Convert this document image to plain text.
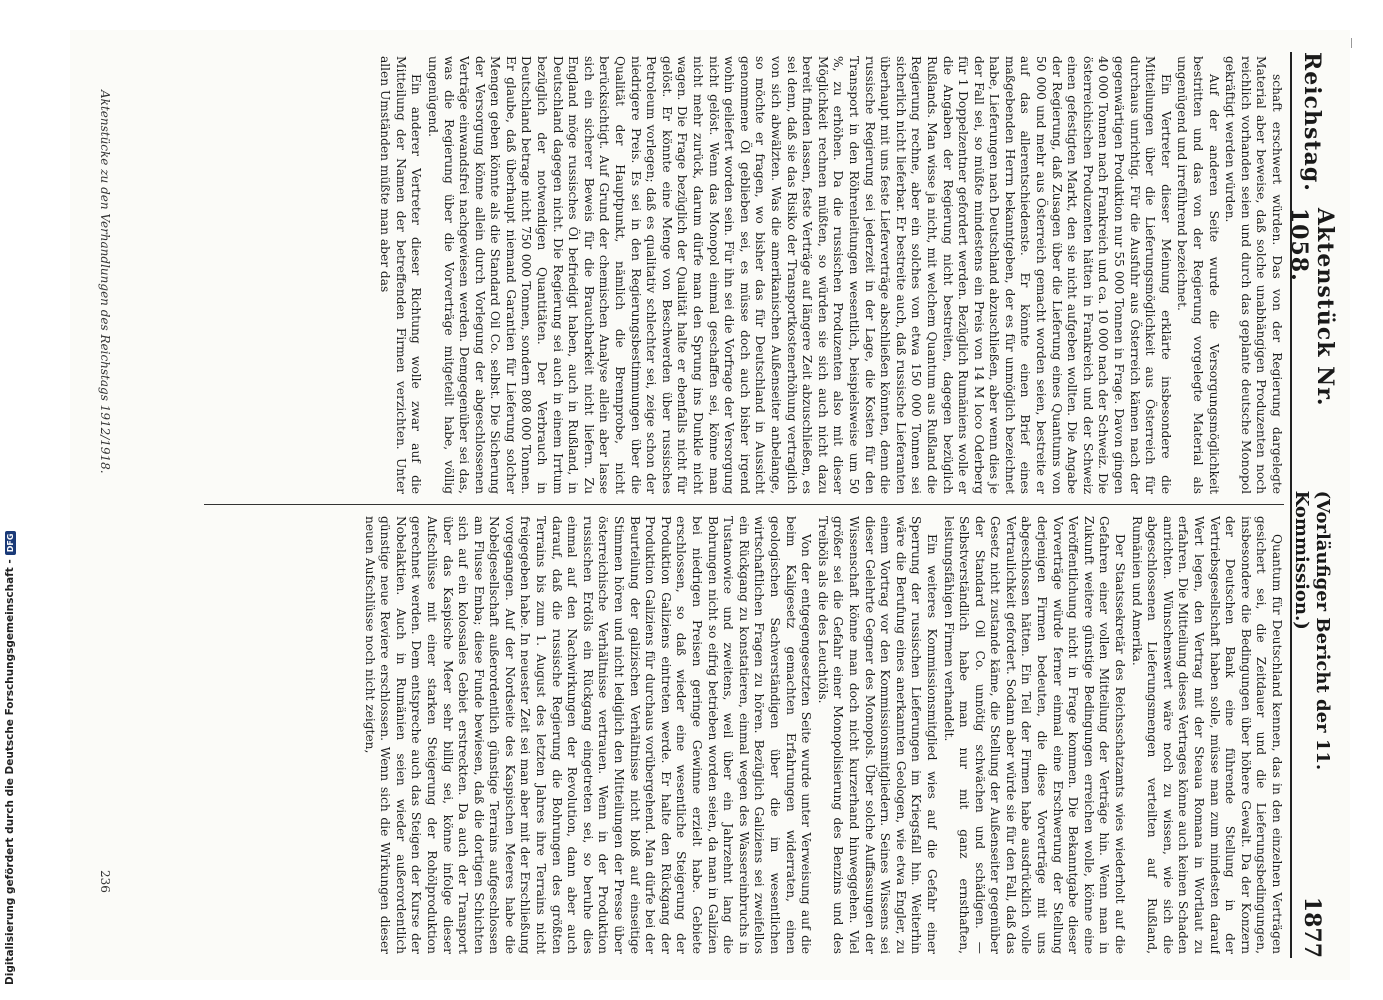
Reichstag.
Aktenstück Nr. 1058.
(Vorläufiger Bericht der 11. Kommission.)
1877

schaft erschwert würden. Das von der Regierung dargelegte Material aber beweise, daß solche unabhängigen Produzenten noch reichlich vorhanden seien und durch das geplante deutsche Monopol gekräftigt werden würden.

Auf der anderen Seite wurde die Versorgungsmöglichkeit bestritten und das von der Regierung vorgelegte Material als ungenügend und irreführend bezeichnet.

Ein Vertreter dieser Meinung erklärte insbesondere die Mitteilungen über die Lieferungsmöglichkeit aus Österreich für durchaus unrichtig. Für die Ausfuhr aus Österreich kämen nach der gegenwärtigen Produktion nur 55 000 Tonnen in Frage. Davon gingen 40 000 Tonnen nach Frankreich und ca. 10 000 nach der Schweiz. Die österreichischen Produzenten hätten in Frankreich und der Schweiz einen gefestigten Markt, den sie nicht aufgeben wollten. Die Angabe der Regierung, daß Zusagen über die Lieferung eines Quantums von 50 000 und mehr aus Österreich gemacht worden seien, bestreite er auf das allerentschiedenste. Er könnte einen Brief eines maßgebenden Herrn bekanntgeben, der es für unmöglich bezeichnet habe, Lieferungen nach Deutschland abzuschließen, aber wenn dies je der Fall sei, so müßte mindestens ein Preis von 14 M loco Oderberg für 1 Doppelzentner gefordert werden. Bezüglich Rumäniens wolle er die Angaben der Regierung nicht bestreiten, dagegen bezüglich Rußlands. Man wisse ja nicht, mit welchem Quantum aus Rußland die Regierung rechne, aber ein solches von etwa 150 000 Tonnen sei sicherlich nicht lieferbar. Er bestreite auch, daß russische Lieferanten überhaupt mit uns feste Lieferverträge abschließen könnten, denn die russische Regierung sei jederzeit in der Lage, die Kosten für den Transport in den Röhrenleitungen wesentlich, beispielsweise um 50 %, zu erhöhen. Da die russischen Produzenten also mit dieser Möglichkeit rechnen müßten, so würden sie sich auch nicht dazu bereit finden lassen, feste Verträge auf längere Zeit abzuschließen, es sei denn, daß sie das Risiko der Transportkostenerhöhung vertraglich von sich abwälzten. Was die amerikanischen Außenseiter anbelange, so möchte er fragen, wo bisher das für Deutschland in Aussicht genommene Öl geblieben sei, es müsse doch auch bisher irgend wohin geliefert worden sein. Für ihn sei die Vorfrage der Versorgung nicht gelöst. Wenn das Monopol einmal geschaffen sei, könne man nicht mehr zurück, darum dürfe man den Sprung ins Dunkle nicht wagen. Die Frage bezüglich der Qualität halte er ebenfalls nicht für gelöst. Er könnte eine Menge von Beschwerden über russisches Petroleum vorlegen; daß es qualitativ schlechter sei, zeige schon der niedrigere Preis. Es sei in den Regierungsbestimmungen über die Qualität der Hauptpunkt, nämlich die Brennprobe, nicht berücksichtigt. Auf Grund der chemischen Analyse allein aber lasse sich ein sicherer Beweis für die Brauchbarkeit nicht liefern. Zu England möge russisches Öl befriedigt haben, auch in Rußland, in Deutschland dagegen nicht. Die Regierung sei auch in einem Irrtum bezüglich der notwendigen Quantitäten. Der Verbrauch in Deutschland betrage nicht 750 000 Tonnen, sondern 808 000 Tonnen. Er glaube, daß überhaupt niemand Garantien für Lieferung solcher Mengen geben könnte als die Standard Oil Co. selbst. Die Sicherung der Versorgung könne allein durch Vorlegung der abgeschlossenen Verträge einwandsfrei nachgewiesen werden. Demgegenüber sei das, was die Regierung über die Vorverträge mitgeteilt habe, völlig ungenügend.

Ein anderer Vertreter dieser Richtung wolle zwar auf die Mitteilung der Namen der betreffenden Firmen verzichten. Unter allen Umständen müßte man aber das

Quantum für Deutschland kennen, das in den einzelnen Verträgen gesichert sei, die Zeitdauer und die Lieferungsbedingungen, insbesondere die Bedingungen über höhere Gewalt. Da der Konzern der Deutschen Bank eine führende Stellung in der Vertriebsgesellschaft haben solle, müsse man zum mindesten darauf Wert legen, den Vertrag mit der Steaua Romana in Wortlaut zu erfahren. Die Mitteilung dieses Vertrages könne auch keinen Schaden anrichten. Wünschenswert wäre noch zu wissen, wie sich die abgeschlossenen Lieferungsmengen verteilten auf Rußland, Rumänien und Amerika.

Der Staatssekretär des Reichsschatzamts wies wiederholt auf die Gefahren einer vollen Mitteilung der Verträge hin. Wenn man in Zukunft weitere günstige Bedingungen erreichen wolle, könne eine Veröffentlichung nicht in Frage kommen. Die Bekanntgabe dieser Vorverträge würde ferner einmal eine Erschwerung der Stellung derjenigen Firmen bedeuten, die diese Vorverträge mit uns abgeschlossen hätten. Ein Teil der Firmen habe ausdrücklich volle Vertraulichkeit gefordert. Sodann aber würde sie für den Fall, daß das Gesetz nicht zustande käme, die Stellung der Außenseiter gegenüber der Standard Oil Co. unnötig schwächen und schädigen. — Selbstverständlich habe man nur mit ganz ernsthaften, leistungsfähigen Firmen verhandelt.

Ein weiteres Kommissionsmitglied wies auf die Gefahr einer Sperrung der russischen Lieferungen im Kriegsfall hin. Weiterhin wäre die Berufung eines anerkannten Geologen, wie etwa Engler, zu einem Vortrag vor den Kommissionsmitgliedern. Seines Wissens sei dieser Gelehrte Gegner des Monopols. Über solche Auffassungen der Wissenschaft könne man doch nicht kurzerhand hinweggehen. Viel größer sei die Gefahr einer Monopolisierung des Benzins und des Treiböls als die des Leuchtöls.

Von der entgegengesetzten Seite wurde unter Verweisung auf die beim Kaligesetz gemachten Erfahrungen widerraten, einen geologischen Sachverständigen über die im wesentlichen wirtschaftlichen Fragen zu hören. Bezüglich Galiziens sei zweifellos ein Rückgang zu konstatieren, einmal wegen des Wassereinbruchs in Tustanowice und zweitens, weil über ein Jahrzehnt lang die Bohrungen nicht so eifrig betrieben worden seien, da man in Galizien bei niedrigen Preisen geringe Gewinne erzielt habe. Gebiete erschlossen, so daß wieder eine wesentliche Steigerung der Produktion Galiziens eintreten werde. Er halte den Rückgang der Produktion Galiziens für durchaus vorübergehend. Man dürfe bei der Beurteilung der galizischen Verhältnisse nicht bloß auf einseitige Stimmen hören und nicht lediglich den Mitteilungen der Presse über österreichische Verhältnisse vertrauen. Wenn in der Produktion russischen Erdöls ein Rückgang eingetreten sei, so beruhe dies einmal auf den Nachwirkungen der Revolution, dann aber auch darauf, daß die russische Regierung die Bohrungen des größten Terrains bis zum 1. August des letzten Jahres ihre Terrains nicht freigegeben habe. In neuester Zeit sei man aber mit der Erschließung vorgegangen. Auf der Nordseite des Kaspischen Meeres habe die Nobelgesellschaft außerordentlich günstige Terrains aufgeschlossen am Flusse Emba; diese Funde bewiesen, daß die dortigen Schichten sich auf ein kolossales Gebiet erstreckten. Da auch der Transport über das Kaspische Meer sehr billig sei, könne infolge dieser Aufschlüsse mit einer starken Steigerung der Rohölproduktion gerechnet werden. Dem entspreche auch das Steigen der Kurse der Nobelaktien. Auch in Rumänien seien wieder außerordentlich günstige neue Reviere erschlossen. Wenn sich die Wirkungen dieser neuen Aufschlüsse noch nicht zeigten,

Aktenstücke zu den Verhandlungen des Reichstags 1912/1918.
236
Digitalisierung gefördert durch die Deutsche Forschungsgemeinschaft -
DFG
